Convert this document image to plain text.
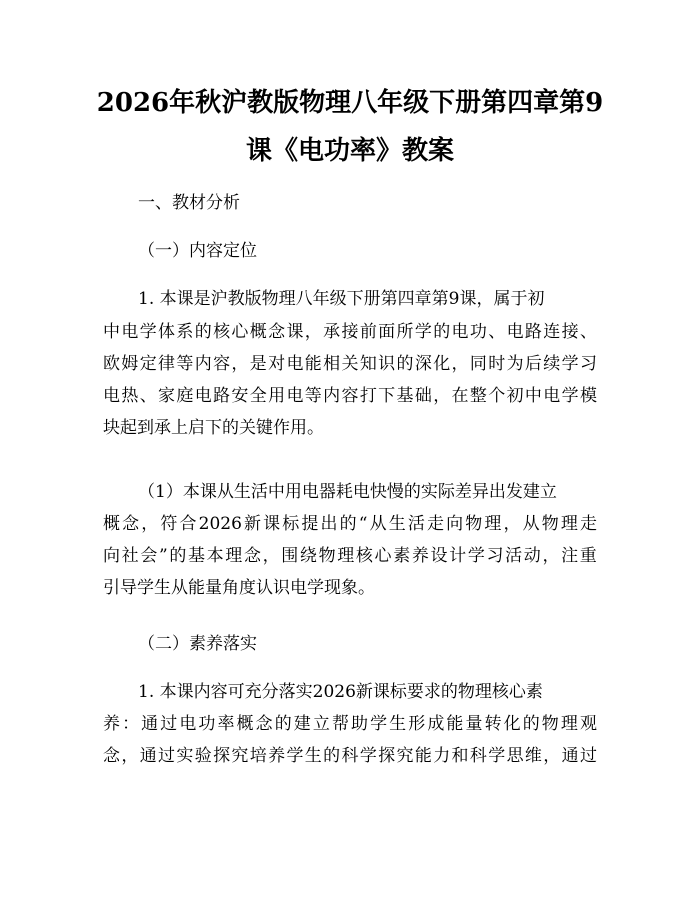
2026年秋沪教版物理八年级下册第四章第9
课《电功率》教案
一、教材分析
（一）内容定位
1. 本课是沪教版物理八年级下册第四章第9课，属于初
中 电 学 体 系 的 核 心 概 念 课 ， 承 接 前 面 所 学 的 电 功 、 电 路 连 接 、
欧 姆 定 律 等 内 容 ， 是 对 电 能 相 关 知 识 的 深 化 ， 同 时 为 后 续 学 习
电 热 、 家 庭 电 路 安 全 用 电 等 内 容 打 下 基 础 ， 在 整 个 初 中 电 学 模
块起到承上启下的关键作用。
（1）本课从生活中用电器耗电快慢的实际差异出发建立
概 念 ， 符 合 2026 新 课 标 提 出 的 “ 从 生 活 走 向 物 理 ， 从 物 理 走
向 社 会 ” 的 基 本 理 念 ， 围 绕 物 理 核 心 素 养 设 计 学 习 活 动 ， 注 重
引导学生从能量角度认识电学现象。
（二）素养落实
1. 本课内容可充分落实2026新课标要求的物理核心素
养 ： 通 过 电 功 率 概 念 的 建 立 帮 助 学 生 形 成 能 量 转 化 的 物 理 观
念 ， 通 过 实 验 探 究 培 养 学 生 的 科 学 探 究 能 力 和 科 学 思 维 ， 通 过
